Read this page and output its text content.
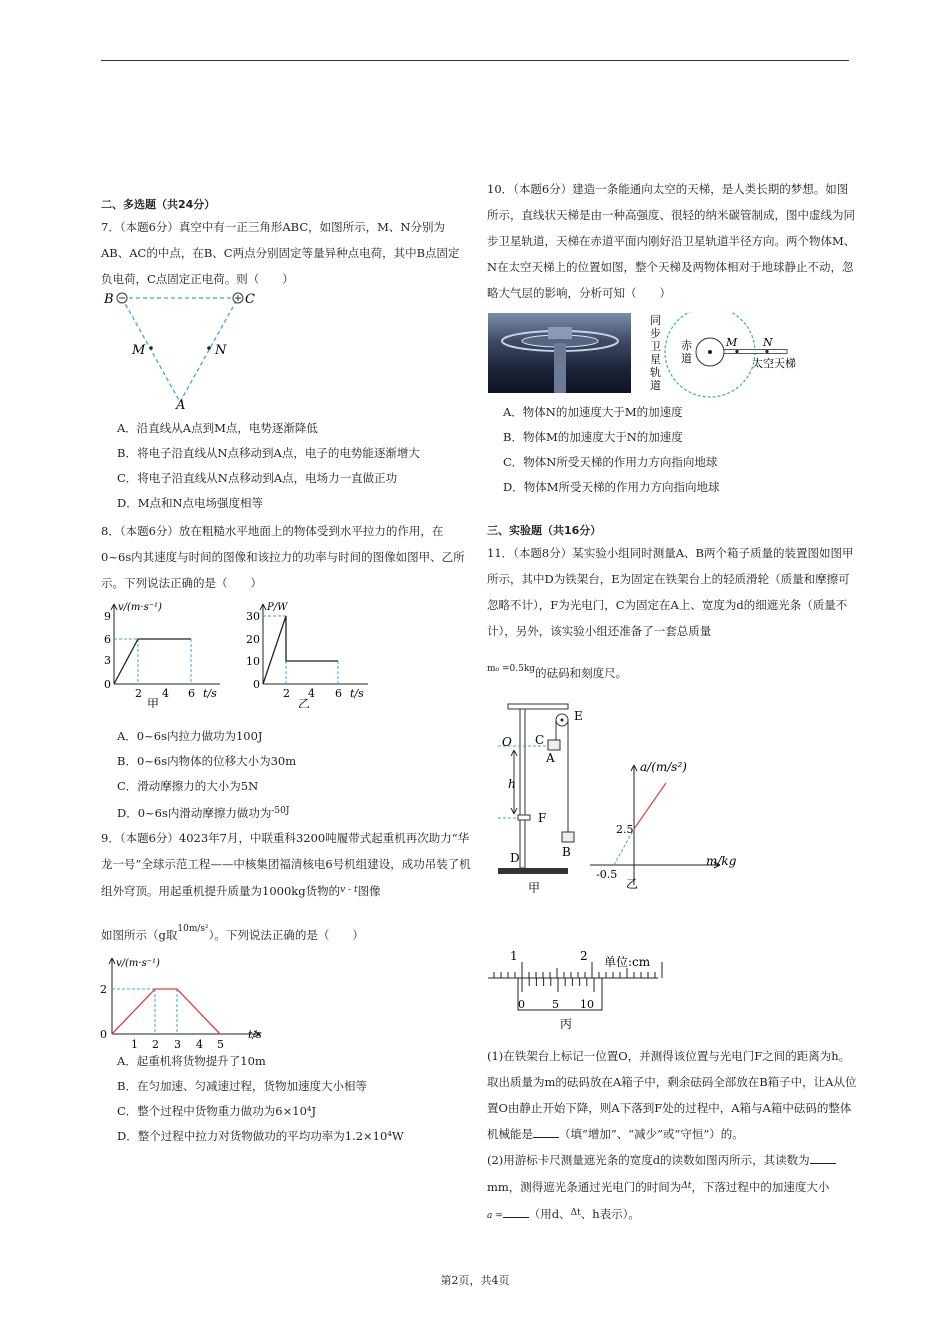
二、多选题（共24分）

7．（本题6分）真空中有一正三角形ABC，如图所示，M、N分别为AB、AC的中点，在B、C两点分别固定等量异种点电荷，其中B点固定负电荷，C点固定正电荷。则（　　）

B	C
M	N
A

A．沿直线从A点到M点，电势逐渐降低

B．将电子沿直线从N点移动到A点，电子的电势能逐渐增大

C．将电子沿直线从N点移动到A点，电场力一直做正功

D．M点和N点电场强度相等

8．（本题6分）放在粗糙水平地面上的物体受到水平拉力的作用，在0~6s内其速度与时间的图像和该拉力的功率与时间的图像如图甲、乙所示。下列说法正确的是（　　）

9
6
3
0
2 4 6
v/(m·s⁻¹)
t/s
甲
30
20
10
0
2 4 6
P/W
t/s
乙

A．0~6s内拉力做功为100J

B．0~6s内物体的位移大小为30m

C．滑动摩擦力的大小为5N

D．0~6s内滑动摩擦力做功为$^{-50J}$

9．（本题6分）4023年7月，中联重科3200吨履带式起重机再次助力“华龙一号”全球示范工程——中核集团福清核电6号机组建设，成功吊装了机组外穹顶。用起重机提升质量为1000kg货物的$^{v - t}$图像

如图所示（g取$^{10m/s^2}$）。下列说法正确的是（　　）

2
0
1 2 3 4 5
v/(m·s⁻¹)
t/s

A．起重机将货物提升了10m

B．在匀加速、匀减速过程，货物加速度大小相等

C．整个过程中货物重力做功为6×10⁴J

D．整个过程中拉力对货物做功的平均功率为1.2×10⁴W

10．（本题6分）建造一条能通向太空的天梯，是人类长期的梦想。如图所示，直线状天梯是由一种高强度、很轻的纳米碳管制成，图中虚线为同步卫星轨道，天梯在赤道平面内刚好沿卫星轨道半径方向。两个物体M、N在太空天梯上的位置如图，整个天梯及两物体相对于地球静止不动，忽略大气层的影响，分析可知（　　）

同
步
卫
星
轨
道
赤
道
M N
太空天梯

A．物体N的加速度大于M的加速度

B．物体M的加速度大于N的加速度

C．物体N所受天梯的作用力方向指向地球

D．物体M所受天梯的作用力方向指向地球

三、实验题（共16分）

11．（本题8分）某实验小组同时测量A、B两个箱子质量的装置图如图甲所示，其中D为铁架台，E为固定在铁架台上的轻质滑轮（质量和摩擦可忽略不计），F为光电门，C为固定在A上、宽度为d的细遮光条（质量不计），另外，该实验小组还准备了一套总质量

$^{m_0 =0.5kg}$的砝码和刻度尺。

O C
A
E
h
F
B
D
甲
a/(m/s²)
m/kg
2.5
-0.5
乙
1	2 单位:cm
0 5 10
丙

(1)在铁架台上标记一位置O，并测得该位置与光电门F之间的距离为h。取出质量为m的砝码放在A箱子中，剩余砝码全部放在B箱子中，让A从位置O由静止开始下降，则A下落到F处的过程中，A箱与A箱中砝码的整体机械能是 （填“增加”、“减少”或“守恒”）的。

(2)用游标卡尺测量遮光条的宽度d的读数如图丙所示，其读数为mm，测得遮光条通过光电门的时间为$^{\Delta t}$，下落过程中的加速度大小
a = （用d、$^{\Delta t}$、h表示）。

第2页，共4页
